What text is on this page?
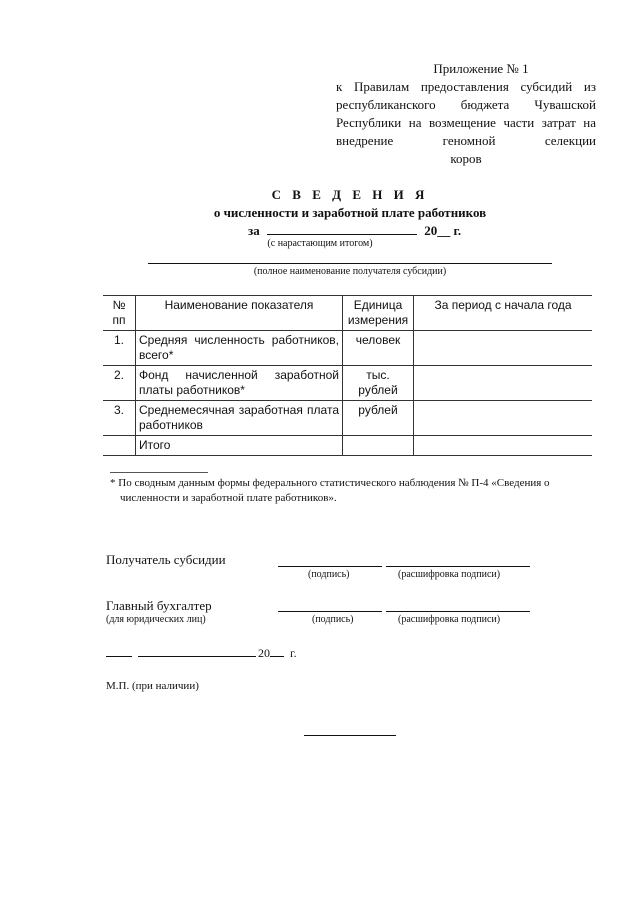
Приложение № 1
к Правилам предоставления субсидий из республиканского бюджета Чувашской Республики на возмещение части затрат на внедрение геномной селекции
коров
С В Е Д Е Н И Я
о численности и заработной плате работников
за	20__ г.
(с нарастающим итогом)
(полное наименование получателя субсидии)
№ пп	Наименование показателя	Единица измерения	За период с начала года
1.	Средняя численность работников, всего*	человек	
2.	Фонд начисленной заработной платы работников*	тыс. рублей	
3.	Среднемесячная заработная плата работников	рублей	
	Итого		
* По сводным данным формы федерального статистического наблюдения № П-4 «Сведения о
численности и заработной плате работников».
Получатель субсидии
(подпись)	(расшифровка подписи)
Главный бухгалтер
(для юридических лиц)	(подпись)	(расшифровка подписи)
20 г.
М.П. (при наличии)
